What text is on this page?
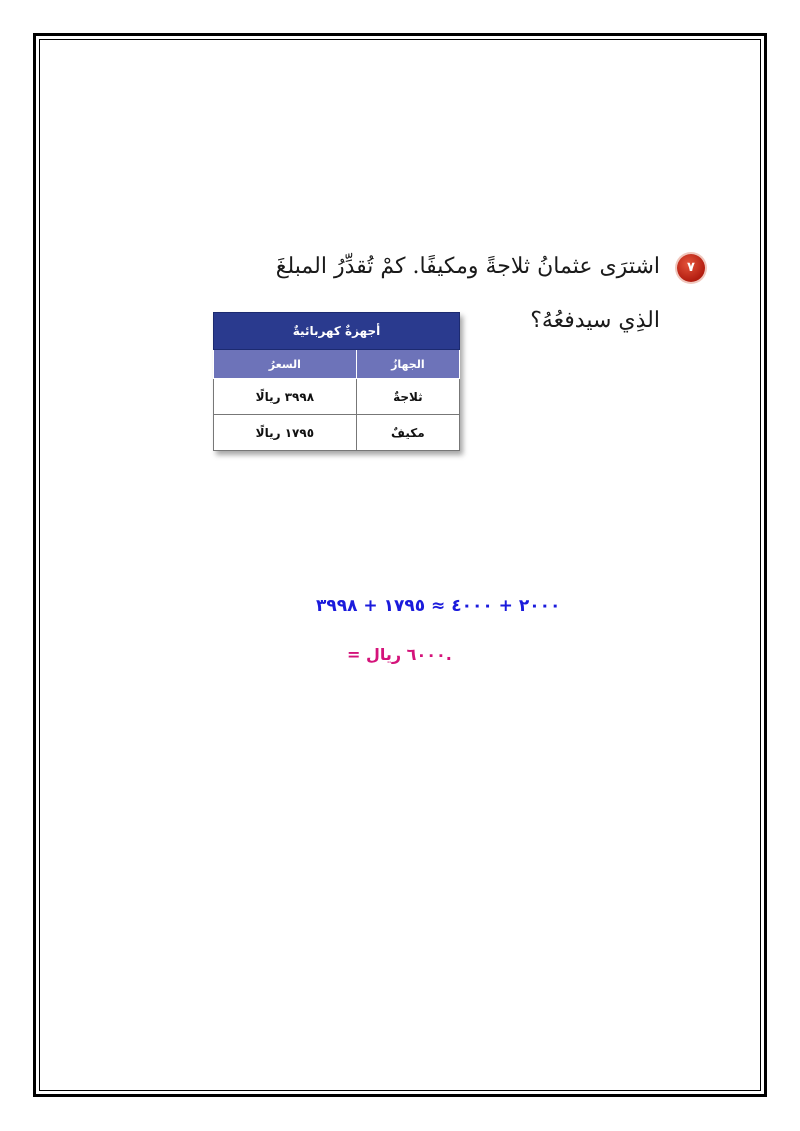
٧
اشترَى عثمانُ ثلاجةً ومكيفًا. كمْ تُقدِّرُ المبلغَ
الذِي سيدفعُهُ؟
أجهزةٌ كهربائيةٌ	
الجهازُ	السعرُ
ثلاجةٌ	٣٩٩٨ ريالًا
مكيفٌ	١٧٩٥ ريالًا
٢٠٠٠ + ٤٠٠٠ ≈ ١٧٩٥ + ٣٩٩٨
= ٦٠٠٠ ريال.
